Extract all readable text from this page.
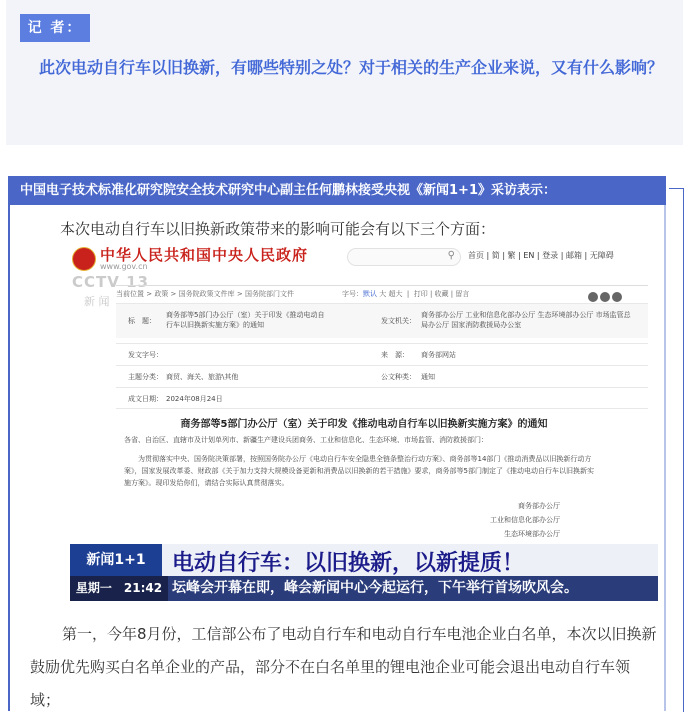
记 者：
此次电动自行车以旧换新，有哪些特别之处？对于相关的生产企业来说，又有什么影响？
中国电子技术标准化研究院安全技术研究中心副主任何鹏林接受央视《新闻1+1》采访表示：
本次电动自行车以旧换新政策带来的影响可能会有以下三个方面：
中华人民共和国中央人民政府
www.gov.cn
⚲ 首页 | 简 | 繁 | EN | 登录 | 邮箱 | 无障碍
CCTV 13
新 闻
当前位置 > 政策 > 国务院政策文件库 > 国务院部门文件	字号：默认 大 超大  |  打印 | 收藏 | 留言
标　题：
商务部等5部门办公厅（室）关于印发《推动电动自行车以旧换新实施方案》的通知	发文机关：
商务部办公厅 工业和信息化部办公厅 生态环境部办公厅 市场监管总局办公厅 国家消防救援局办公室
发文字号：	来　源： 商务部网站
主题分类： 商贸、海关、旅游\其他	公文种类： 通知
成文日期： 2024年08月24日
商务部等5部门办公厅（室）关于印发《推动电动自行车以旧换新实施方案》的通知
各省、自治区、直辖市及计划单列市、新疆生产建设兵团商务、工业和信息化、生态环境、市场监管、消防救援部门：
为贯彻落实中央、国务院决策部署，按照国务院办公厅《电动自行车安全隐患全链条整治行动方案》、商务部等14部门《推动消费品以旧换新行动方案》，国家发展改革委、财政部《关于加力支持大规模设备更新和消费品以旧换新的若干措施》要求，商务部等5部门制定了《推动电动自行车以旧换新实施方案》。现印发给你们，请结合实际认真贯彻落实。
商务部办公厅
工业和信息化部办公厅
生态环境部办公厅
新闻1+1	电动自行车：以旧换新，以新提质！
星期一　21:42 坛峰会开幕在即，峰会新闻中心今起运行，下午举行首场吹风会。
第一，今年8月份，工信部公布了电动自行车和电动自行车电池企业白名单，本次以旧换新鼓励优先购买白名单企业的产品，部分不在白名单里的锂电池企业可能会退出电动自行车领域；
